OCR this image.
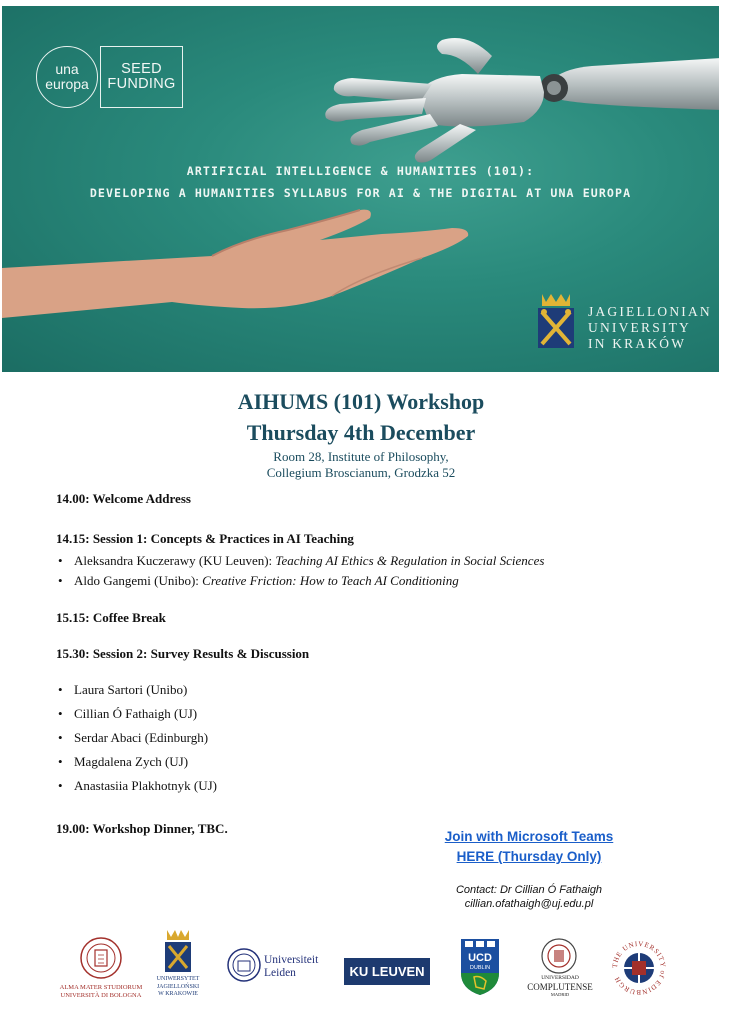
una
europa
SEED
FUNDING
ARTIFICIAL INTELLIGENCE & HUMANITIES (101):
DEVELOPING A HUMANITIES SYLLABUS FOR AI & THE DIGITAL AT UNA EUROPA
JAGIELLONIAN
UNIVERSITY
IN KRAKÓW
AIHUMS (101) Workshop
Thursday 4th December
Room 28, Institute of Philosophy,
Collegium Broscianum, Grodzka 52
14.00: Welcome Address
14.15: Session 1: Concepts & Practices in AI Teaching
• Aleksandra Kuczerawy (KU Leuven): Teaching AI Ethics & Regulation in Social Sciences
• Aldo Gangemi (Unibo): Creative Friction: How to Teach AI Conditioning
15.15: Coffee Break
15.30: Session 2: Survey Results & Discussion
• Laura Sartori (Unibo)
• Cillian Ó Fathaigh (UJ)
• Serdar Abaci (Edinburgh)
• Magdalena Zych (UJ)
• Anastasiia Plakhotnyk (UJ)
19.00: Workshop Dinner, TBC.
Join with Microsoft Teams
HERE (Thursday Only)
Contact: Dr Cillian Ó Fathaigh
cillian.ofathaigh@uj.edu.pl
ALMA MATER STUDIORUM
UNIVERSITÀ DI BOLOGNA
UNIWERSYTET
JAGIELLOŃSKI
W KRAKOWIE
Universiteit
Leiden	KU LEUVEN
UCD
DUBLIN
UNIVERSIDAD
COMPLUTENSE
MADRID
THE UNIVERSITY of EDINBURGH
